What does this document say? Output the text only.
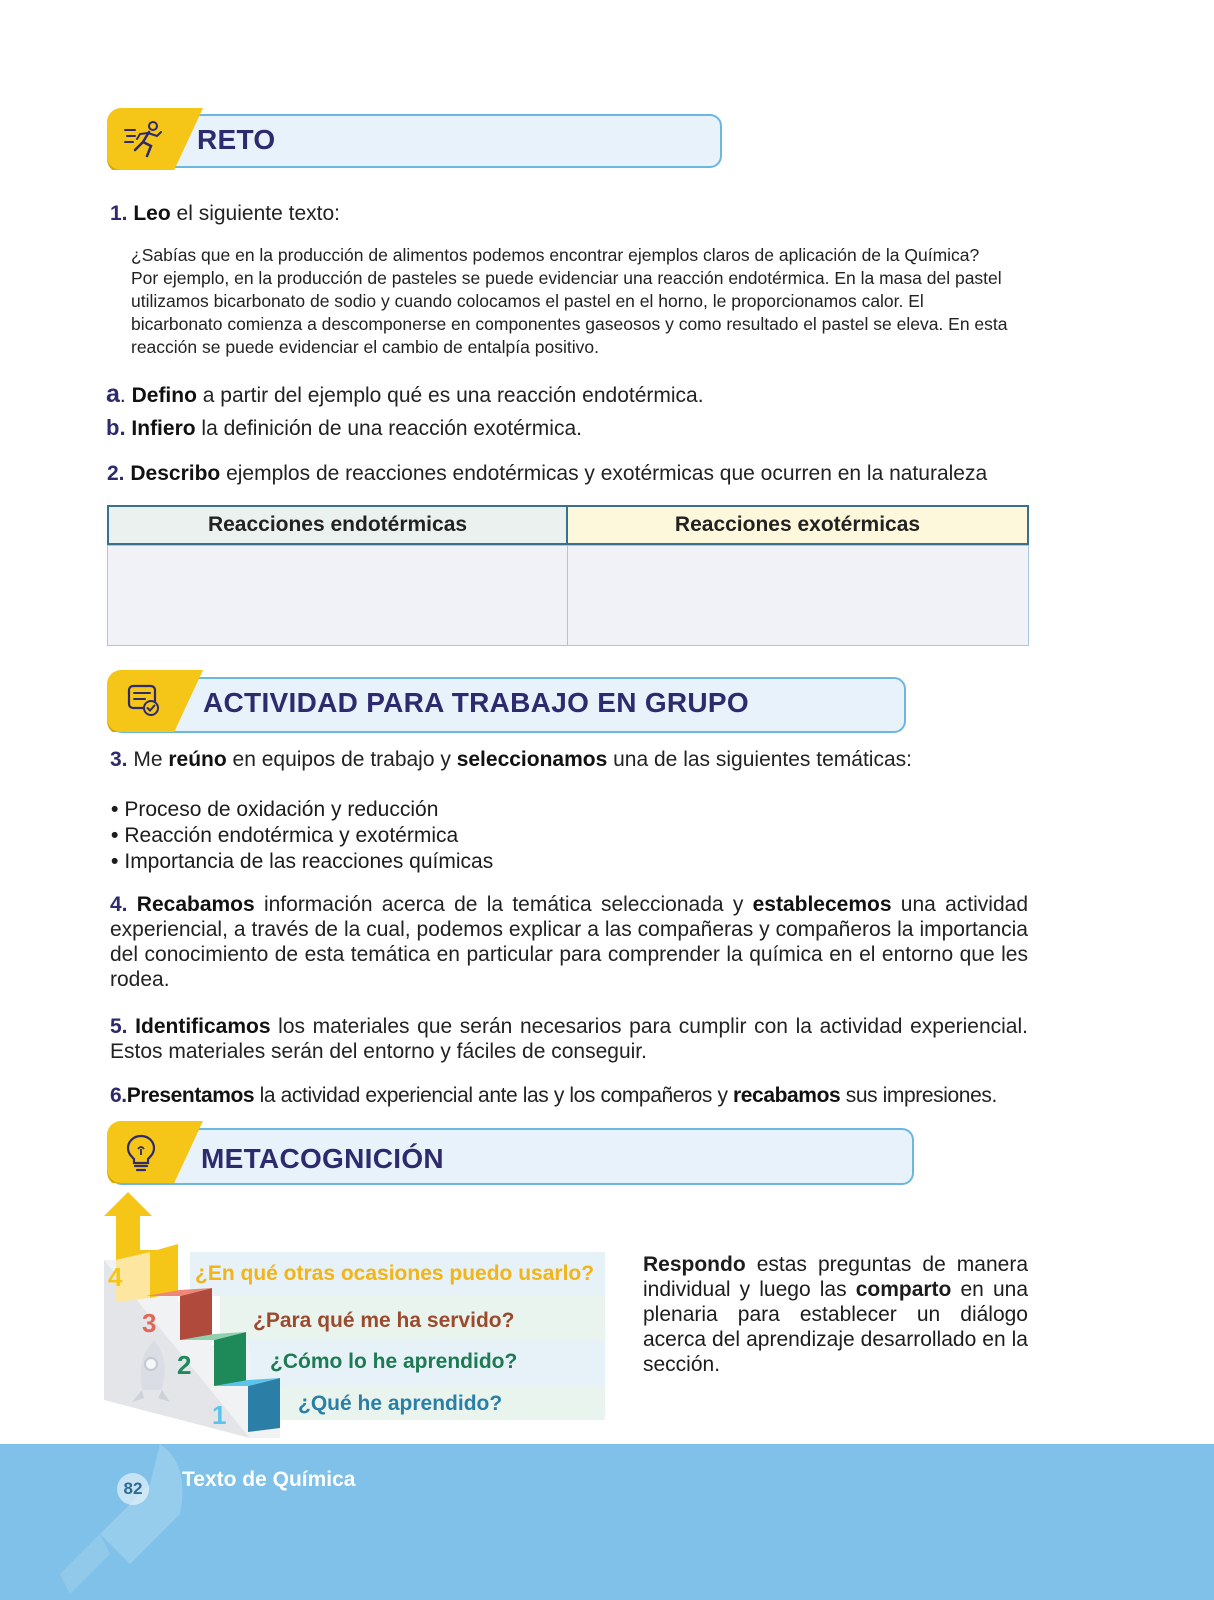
RETO
1. Leo el siguiente texto:
¿Sabías que en la producción de alimentos podemos encontrar ejemplos claros de aplicación de la Química? Por ejemplo, en la producción de pasteles se puede evidenciar una reacción endotérmica. En la masa del pastel utilizamos bicarbonato de sodio y cuando colocamos el pastel en el horno, le proporcionamos calor. El bicarbonato comienza a descomponerse en componentes gaseosos y como resultado el pastel se eleva. En esta reacción se puede evidenciar el cambio de entalpía positivo.
a. Defino a partir del ejemplo qué es una reacción endotérmica.
b. Infiero la definición de una reacción exotérmica.
2. Describo ejemplos de reacciones endotérmicas y exotérmicas que ocurren en la naturaleza
Reacciones endotérmicas	Reacciones exotérmicas
ACTIVIDAD PARA TRABAJO EN GRUPO
3. Me reúno en equipos de trabajo y seleccionamos una de las siguientes temáticas:
• Proceso de oxidación y reducción
• Reacción endotérmica y exotérmica
• Importancia de las reacciones químicas
4. Recabamos información acerca de la temática seleccionada y establecemos una actividad experiencial, a través de la cual, podemos explicar a las compañeras y compañeros la importancia del conocimiento de esta temática en particular para comprender la química en el entorno que les rodea.
5. Identificamos los materiales que serán necesarios para cumplir con la actividad experiencial. Estos materiales serán del entorno y fáciles de conseguir.
6.Presentamos la actividad experiencial ante las y los compañeros y recabamos sus impresiones.
METACOGNICIÓN
4
3
2
1
¿En qué otras ocasiones puedo usarlo?
¿Para qué me ha servido?
¿Cómo lo he aprendido?
¿Qué he aprendido?
Respondo estas preguntas de manera individual y luego las comparto en una plenaria para establecer un diálogo acerca del aprendizaje desarrollado en la sección.
82	Texto de Química
